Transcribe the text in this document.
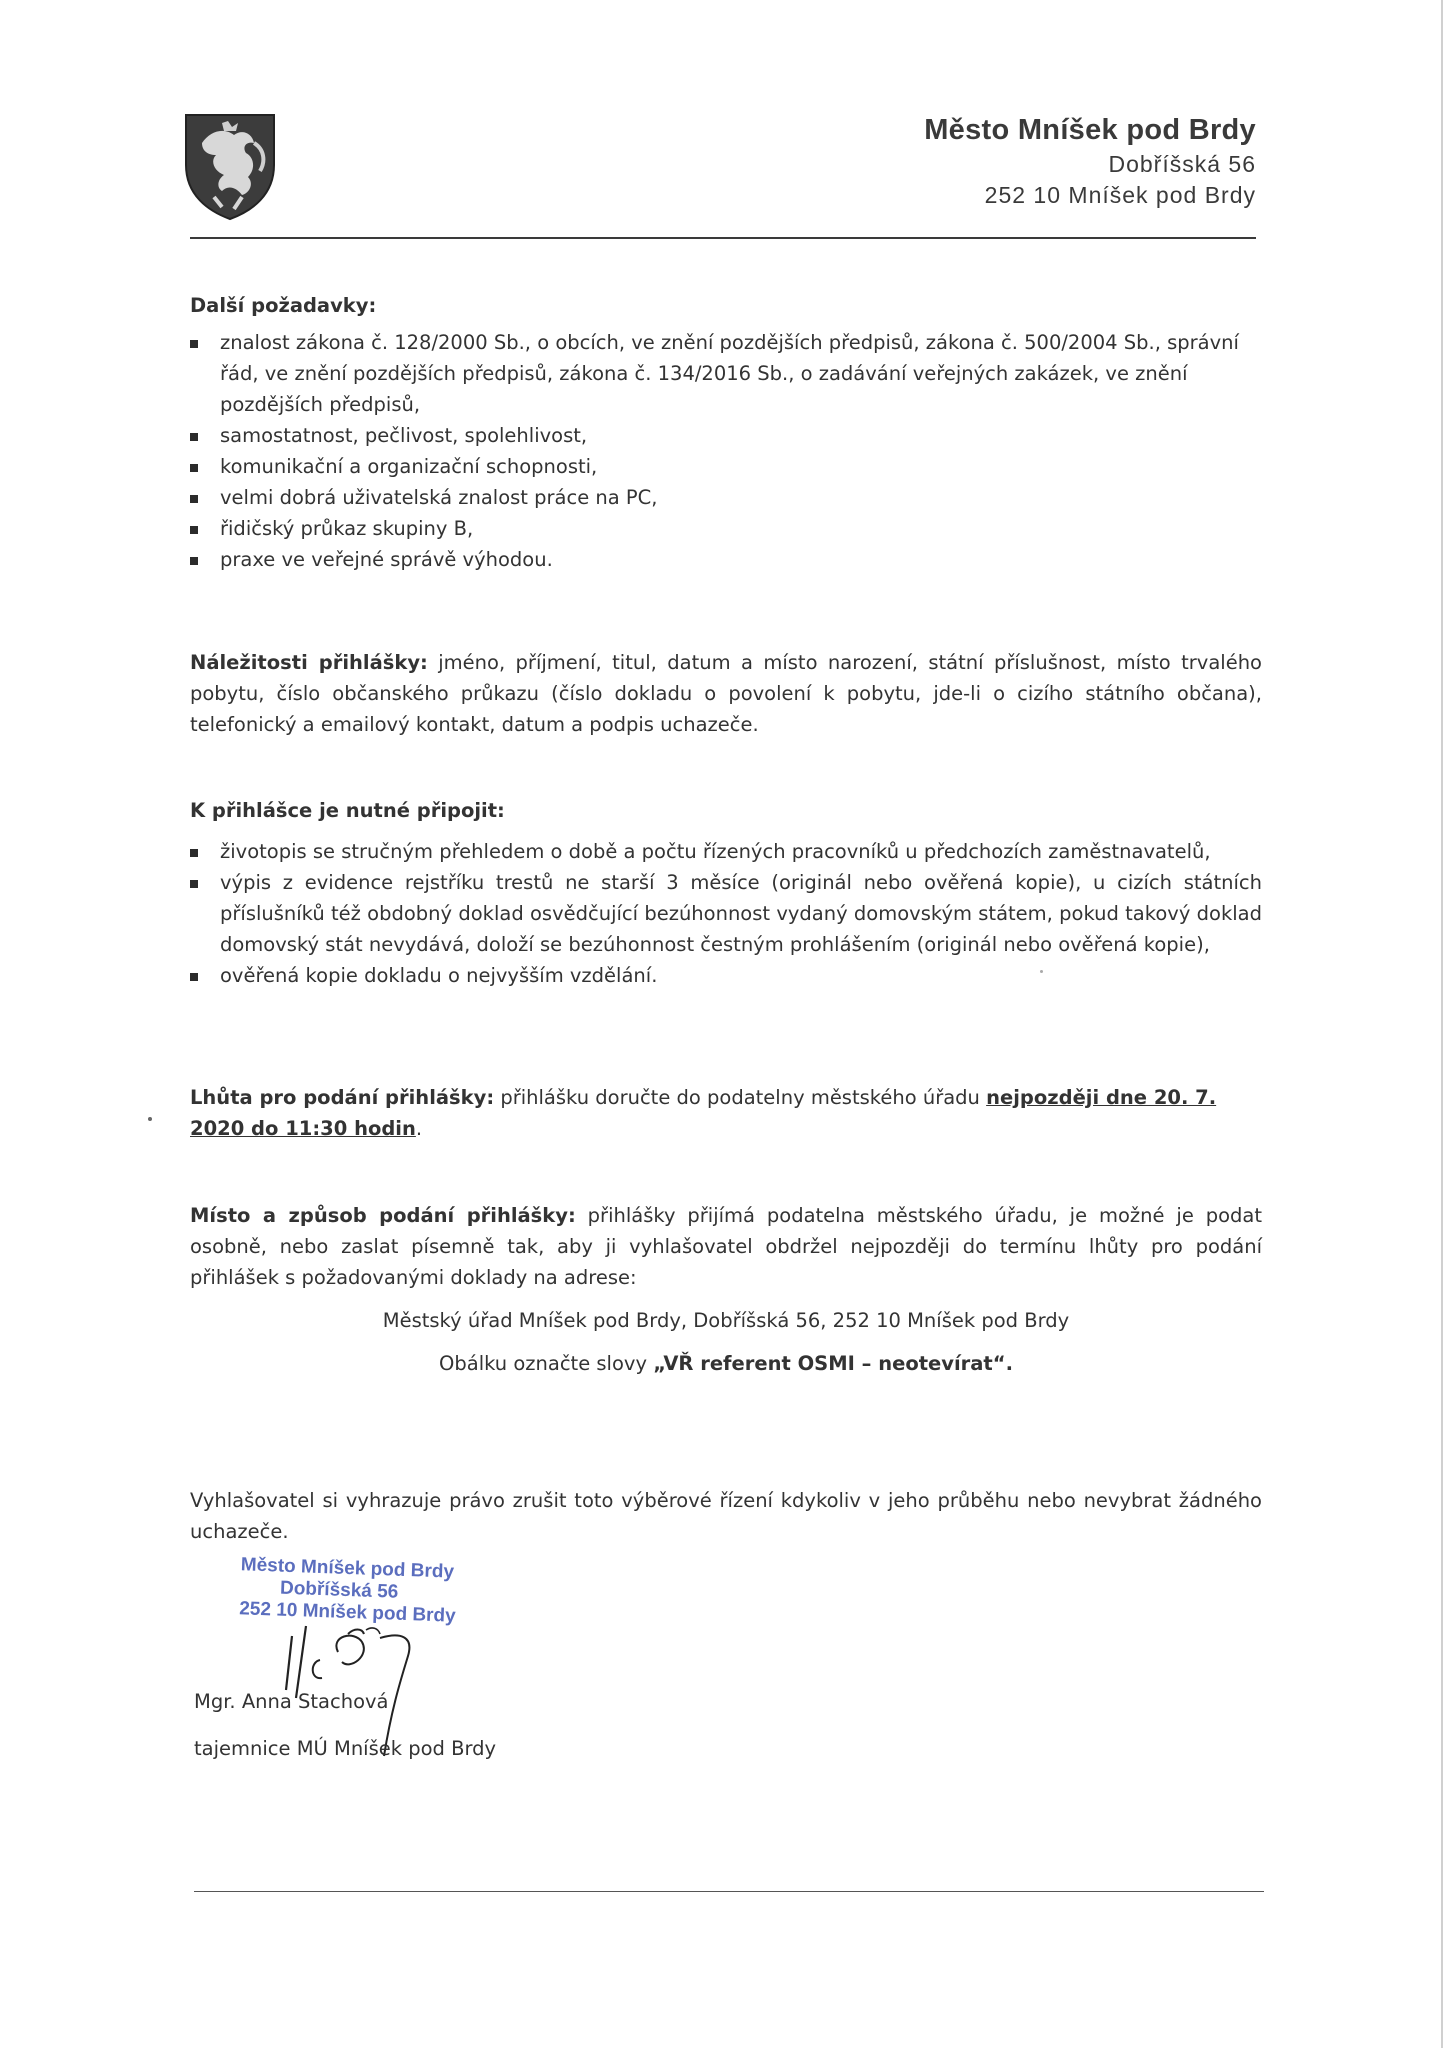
Město Mníšek pod Brdy
Dobříšská 56
252 10 Mníšek pod Brdy
Další požadavky:
znalost zákona č. 128/2000 Sb., o obcích, ve znění pozdějších předpisů, zákona č. 500/2004 Sb., správní řád, ve znění pozdějších předpisů, zákona č. 134/2016 Sb., o zadávání veřejných zakázek, ve znění pozdějších předpisů,
samostatnost, pečlivost, spolehlivost,
komunikační a organizační schopnosti,
velmi dobrá uživatelská znalost práce na PC,
řidičský průkaz skupiny B,
praxe ve veřejné správě výhodou.
Náležitosti přihlášky: jméno, příjmení, titul, datum a místo narození, státní příslušnost, místo trvalého pobytu, číslo občanského průkazu (číslo dokladu o povolení k pobytu, jde-li o cizího státního občana), telefonický a emailový kontakt, datum a podpis uchazeče.
K přihlášce je nutné připojit:
životopis se stručným přehledem o době a počtu řízených pracovníků u předchozích zaměstnavatelů,
výpis z evidence rejstříku trestů ne starší 3 měsíce (originál nebo ověřená kopie), u cizích státních příslušníků též obdobný doklad osvědčující bezúhonnost vydaný domovským státem, pokud takový doklad domovský stát nevydává, doloží se bezúhonnost čestným prohlášením (originál nebo ověřená kopie),
ověřená kopie dokladu o nejvyšším vzdělání.
Lhůta pro podání přihlášky: přihlášku doručte do podatelny městského úřadu nejpozději dne 20. 7. 2020 do 11:30 hodin.
Místo a způsob podání přihlášky: přihlášky přijímá podatelna městského úřadu, je možné je podat osobně, nebo zaslat písemně tak, aby ji vyhlašovatel obdržel nejpozději do termínu lhůty pro podání přihlášek s požadovanými doklady na adrese:
Městský úřad Mníšek pod Brdy, Dobříšská 56, 252 10 Mníšek pod Brdy
Obálku označte slovy „VŘ referent OSMI – neotevírat“.
Vyhlašovatel si vyhrazuje právo zrušit toto výběrové řízení kdykoliv v jeho průběhu nebo nevybrat žádného uchazeče.
Město Mníšek pod Brdy
Dobříšská 56
252 10 Mníšek pod Brdy
Mgr. Anna Stachová
tajemnice MÚ Mníšek pod Brdy
